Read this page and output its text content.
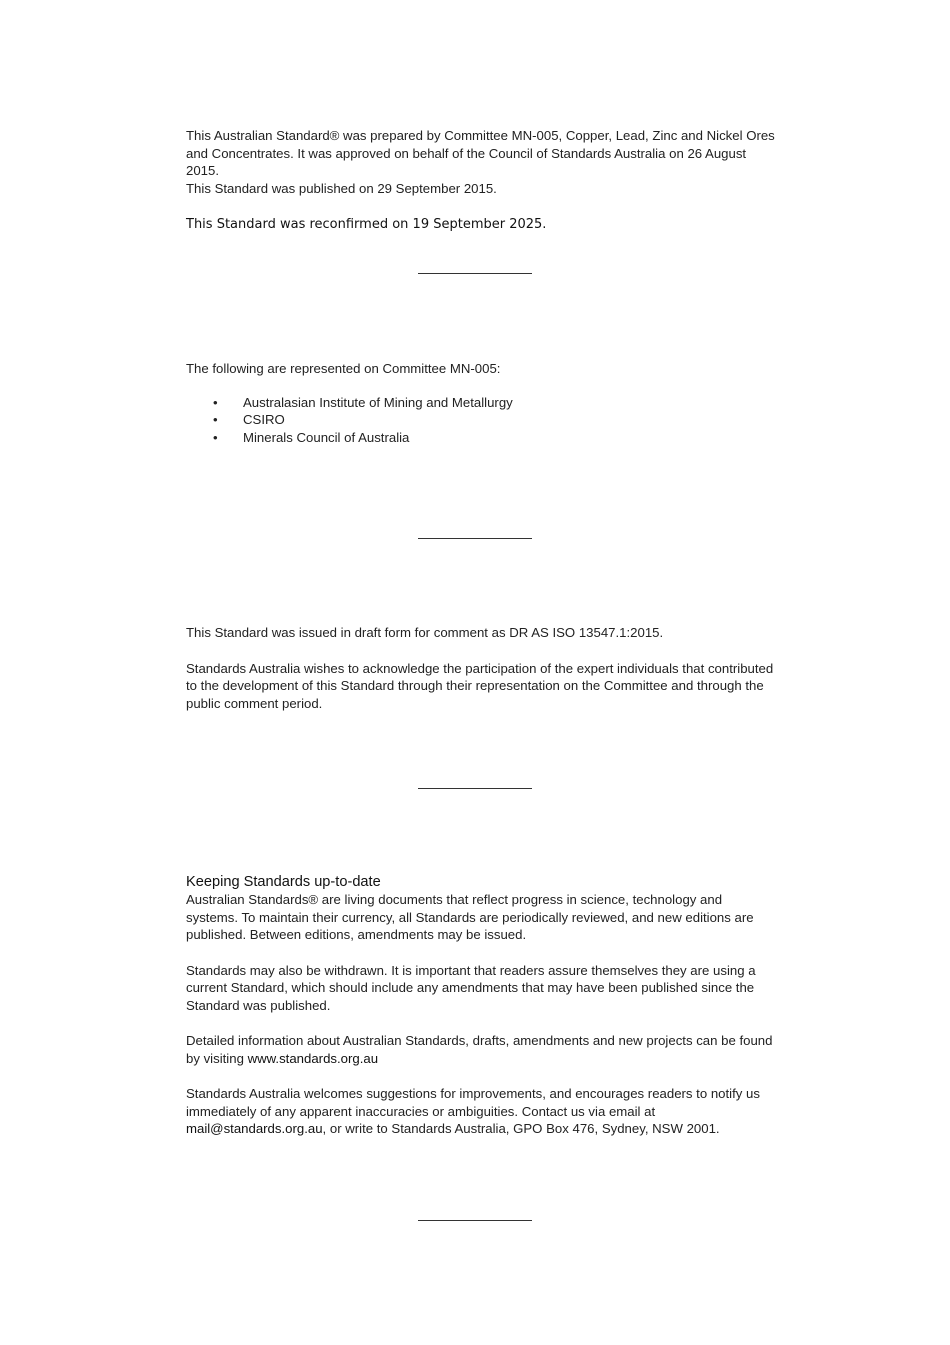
This Australian Standard® was prepared by Committee MN-005, Copper, Lead, Zinc and Nickel Ores and Concentrates. It was approved on behalf of the Council of Standards Australia on 26 August 2015.

This Standard was published on 29 September 2015.

This Standard was reconfirmed on 19 September 2025.

The following are represented on Committee MN-005:

• Australasian Institute of Mining and Metallurgy
• CSIRO
• Minerals Council of Australia

This Standard was issued in draft form for comment as DR AS ISO 13547.1:2015.

Standards Australia wishes to acknowledge the participation of the expert individuals that contributed to the development of this Standard through their representation on the Committee and through the public comment period.

Keeping Standards up-to-date

Australian Standards® are living documents that reflect progress in science, technology and systems. To maintain their currency, all Standards are periodically reviewed, and new editions are published. Between editions, amendments may be issued.

Standards may also be withdrawn. It is important that readers assure themselves they are using a current Standard, which should include any amendments that may have been published since the Standard was published.

Detailed information about Australian Standards, drafts, amendments and new projects can be found by visiting www.standards.org.au

Standards Australia welcomes suggestions for improvements, and encourages readers to notify us immediately of any apparent inaccuracies or ambiguities. Contact us via email at mail@standards.org.au, or write to Standards Australia, GPO Box 476, Sydney, NSW 2001.
